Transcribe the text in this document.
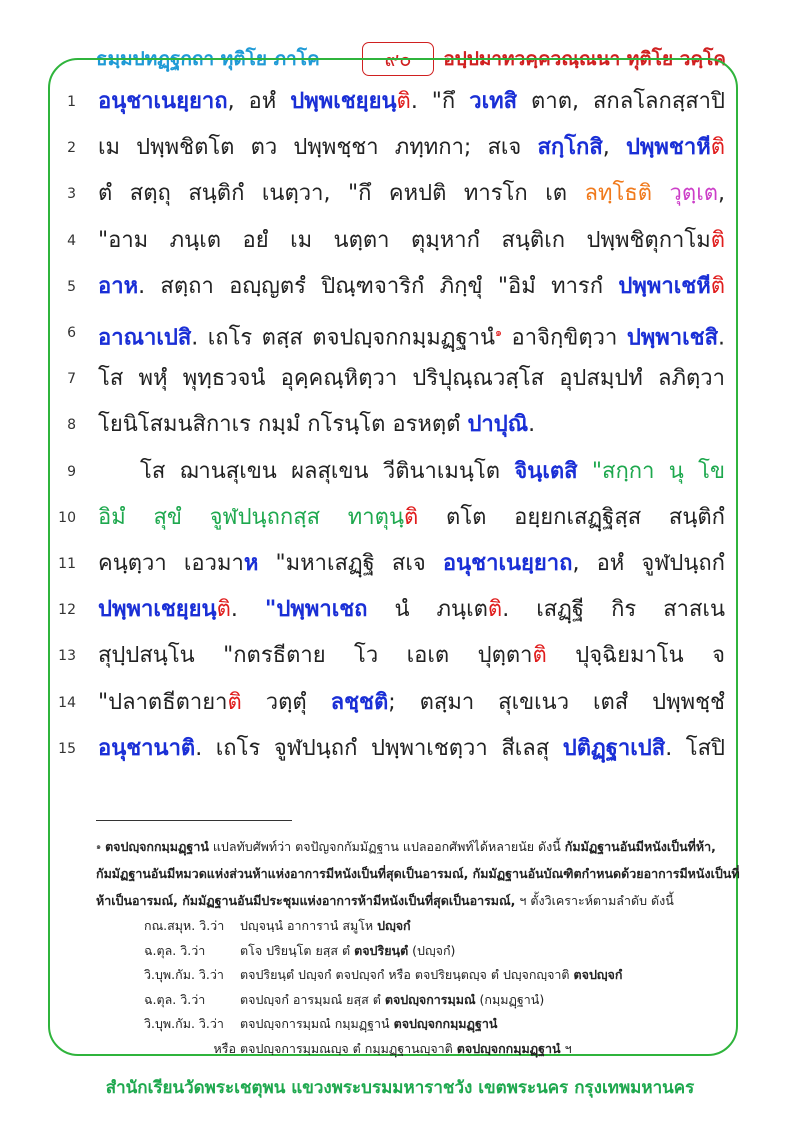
ธมฺมปทฏฺฐกถา ทุติโย ภาโค	๙๐	อปฺปมาทวคฺควณฺณนา ทุติโย วคฺโค
1 อนุชาเนยฺยาถ, อหํ ปพฺพเชยฺยนฺติ. "กึ วเทสิ ตาต, สกลโลกสฺสาปิ
2 เม ปพฺพชิตโต ตว ปพฺพชฺชา ภทฺทกา; สเจ สกฺโกสิ, ปพฺพชาหีติ
3 ตํ สตฺถุ สนฺติกํ เนตฺวา, "กึ คหปติ ทารโก เต ลทฺโธติ วุตฺเต,
4 "อาม ภนฺเต อยํ เม นตฺตา ตุมฺหากํ สนฺติเก ปพฺพชิตุกาโมติ
5 อาห. สตฺถา อญฺญตรํ ปิณฺฑจาริกํ ภิกฺขุํ "อิมํ ทารกํ ปพฺพาเชหีติ
6 อาณาเปสิ. เถโร ตสฺส ตจปญฺจกกมฺมฏฺฐานํ$^๑$ อาจิกฺขิตฺวา ปพฺพาเชสิ.
7 โส พหุํ พุทฺธวจนํ อุคฺคณฺหิตฺวา ปริปุณฺณวสฺโส อุปสมฺปทํ ลภิตฺวา
8 โยนิโสมนสิกาเร กมฺมํ กโรนฺโต อรหตฺตํ ปาปุณิ.
9	โส ฌานสุเขน ผลสุเขน วีตินาเมนฺโต จินฺเตสิ "สกฺกา นุ โข
10 อิมํ สุขํ จูฬปนฺถกสฺส ทาตุนฺติ ตโต อยฺยกเสฏฺฐิสฺส สนฺติกํ
11 คนฺตฺวา เอวมาห "มหาเสฏฺฐิ สเจ อนุชาเนยฺยาถ, อหํ จูฬปนฺถกํ
12 ปพฺพาเชยฺยนฺติ. "ปพฺพาเชถ นํ ภนฺเตติ. เสฏฺฐี กิร สาสเน
13 สุปฺปสนฺโน "กตรธีตาย โว เอเต ปุตฺตาติ ปุจฺฉิยมาโน จ
14 "ปลาตธีตายาติ วตฺตุํ ลชฺชติ; ตสฺมา สุเขเนว เตสํ ปพฺพชฺชํ
15 อนุชานาติ. เถโร จูฬปนฺถกํ ปพฺพาเชตฺวา สีเลสุ ปติฏฺฐาเปสิ. โสปิ
$^๑$ ตจปญฺจกกมฺมฏฺฐานํ แปลทับศัพท์ว่า ตจปัญจกกัมมัฏฐาน แปลออกศัพท์ได้หลายนัย ดังนี้ กัมมัฏฐานอันมีหนังเป็นที่ห้า,
กัมมัฏฐานอันมีหมวดแห่งส่วนห้าแห่งอาการมีหนังเป็นที่สุดเป็นอารมณ์, กัมมัฏฐานอันบัณฑิตกำหนดด้วยอาการมีหนังเป็นที่
ห้าเป็นอารมณ์, กัมมัฏฐานอันมีประชุมแห่งอาการห้ามีหนังเป็นที่สุดเป็นอารมณ์, ฯ ตั้งวิเคราะห์ตามลำดับ ดังนี้
กณ.สมุห. วิ.ว่า ปญฺจนฺนํ อาการานํ สมูโห ปญฺจกํ
ฉ.ตุล. วิ.ว่า	ตโจ ปริยนฺโต ยสฺส ตํ ตจปริยนฺตํ (ปญฺจกํ)
วิ.บุพ.กัม. วิ.ว่า ตจปริยนฺตํ ปญฺจกํ ตจปญฺจกํ หรือ ตจปริยนฺตญฺจ ตํ ปญฺจกญฺจาติ ตจปญฺจกํ
ฉ.ตุล. วิ.ว่า	ตจปญฺจกํ อารมฺมณํ ยสฺส ตํ ตจปญฺจการมฺมณํ (กมฺมฏฺฐานํ)
วิ.บุพ.กัม. วิ.ว่า ตจปญฺจการมฺมณํ กมฺมฏฺฐานํ ตจปญฺจกกมฺมฏฺฐานํ
หรือ ตจปญฺจการมฺมณญฺจ ตํ กมฺมฏฺฐานญฺจาติ ตจปญฺจกกมฺมฏฺฐานํ ฯ
สำนักเรียนวัดพระเชตุพน แขวงพระบรมมหาราชวัง เขตพระนคร กรุงเทพมหานคร
